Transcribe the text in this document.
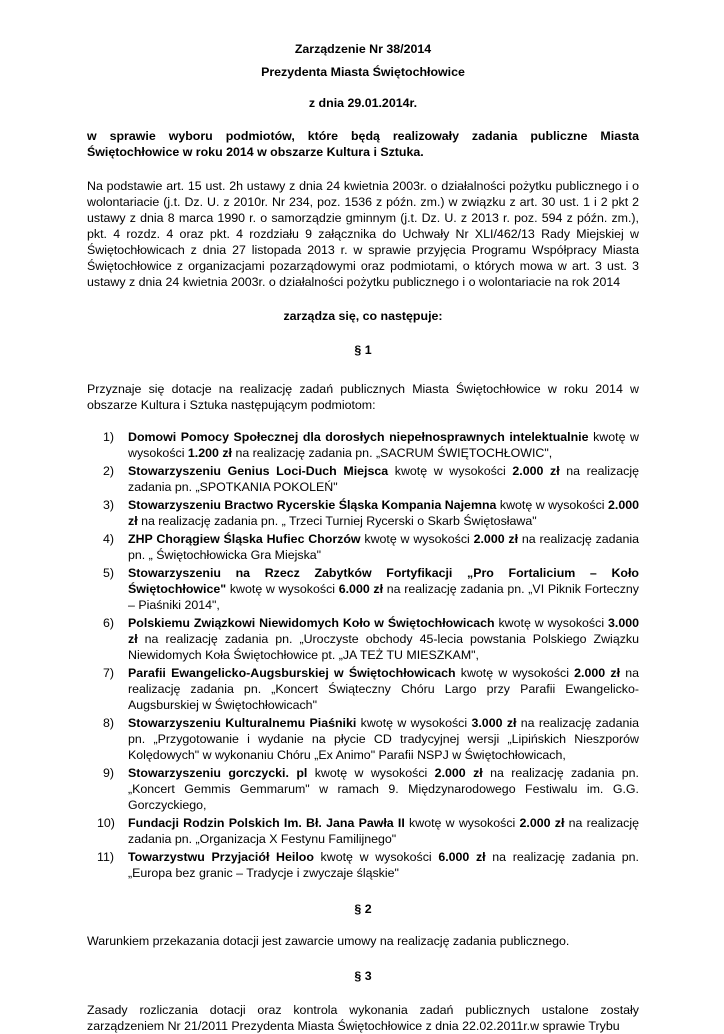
Zarządzenie Nr 38/2014
Prezydenta Miasta Świętochłowice
z dnia 29.01.2014r.
w sprawie wyboru podmiotów, które będą realizowały zadania publiczne Miasta Świętochłowice w roku 2014 w obszarze Kultura i Sztuka.
Na podstawie art. 15 ust. 2h ustawy z dnia 24 kwietnia 2003r. o działalności pożytku publicznego i o wolontariacie (j.t. Dz. U. z 2010r. Nr 234, poz. 1536 z późn. zm.) w związku z art. 30 ust. 1 i 2 pkt 2 ustawy z dnia 8 marca 1990 r. o samorządzie gminnym (j.t. Dz. U. z 2013 r. poz. 594 z późn. zm.), pkt. 4 rozdz. 4 oraz pkt. 4 rozdziału 9 załącznika do Uchwały Nr XLI/462/13 Rady Miejskiej w Świętochłowicach z dnia 27 listopada 2013 r. w sprawie przyjęcia Programu Współpracy Miasta Świętochłowice z organizacjami pozarządowymi oraz podmiotami, o których mowa w art. 3 ust. 3 ustawy z dnia 24 kwietnia 2003r. o działalności pożytku publicznego i o wolontariacie na rok 2014
zarządza się, co następuje:
§ 1
Przyznaje się dotacje na realizację zadań publicznych Miasta Świętochłowice w roku 2014 w obszarze Kultura i Sztuka następującym podmiotom:
1)	Domowi Pomocy Społecznej dla dorosłych niepełnosprawnych intelektualnie kwotę w wysokości 1.200 zł na realizację zadania pn. „SACRUM ŚWIĘTOCHŁOWIC",
2)	Stowarzyszeniu Genius Loci-Duch Miejsca kwotę w wysokości 2.000 zł na realizację zadania pn. „SPOTKANIA POKOLEŃ"
3)	Stowarzyszeniu Bractwo Rycerskie Śląska Kompania Najemna kwotę w wysokości 2.000 zł na realizację zadania pn. „ Trzeci Turniej Rycerski o Skarb Świętosława"
4)	ZHP Chorągiew Śląska Hufiec Chorzów kwotę w wysokości 2.000 zł na realizację zadania pn. „ Świętochłowicka Gra Miejska"
5)	Stowarzyszeniu na Rzecz Zabytków Fortyfikacji „Pro Fortalicium – Koło Świętochłowice" kwotę w wysokości 6.000 zł na realizację zadania pn. „VI Piknik Forteczny – Piaśniki 2014",
6)	Polskiemu Związkowi Niewidomych Koło w Świętochłowicach kwotę w wysokości 3.000 zł na realizację zadania pn. „Uroczyste obchody 45-lecia powstania Polskiego Związku Niewidomych Koła Świętochłowice pt. „JA TEŻ TU MIESZKAM",
7)	Parafii Ewangelicko-Augsburskiej w Świętochłowicach kwotę w wysokości 2.000 zł na realizację zadania pn. „Koncert Świąteczny Chóru Largo przy Parafii Ewangelicko-Augsburskiej w Świętochłowicach"
8)	Stowarzyszeniu Kulturalnemu Piaśniki kwotę w wysokości 3.000 zł na realizację zadania pn. „Przygotowanie i wydanie na płycie CD tradycyjnej wersji „Lipińskich Nieszporów Kolędowych" w wykonaniu Chóru „Ex Animo" Parafii NSPJ w Świętochłowicach,
9)	Stowarzyszeniu gorczycki. pl kwotę w wysokości 2.000 zł na realizację zadania pn. „Koncert Gemmis Gemmarum" w ramach 9. Międzynarodowego Festiwalu im. G.G. Gorczyckiego,
10)	Fundacji Rodzin Polskich Im. Bł. Jana Pawła II kwotę w wysokości 2.000 zł na realizację zadania pn. „Organizacja X Festynu Familijnego"
11)	Towarzystwu Przyjaciół Heiloo kwotę w wysokości 6.000 zł na realizację zadania pn. „Europa bez granic – Tradycje i zwyczaje śląskie"
§ 2
Warunkiem przekazania dotacji jest zawarcie umowy na realizację zadania publicznego.
§ 3
Zasady rozliczania dotacji oraz kontrola wykonania zadań publicznych ustalone zostały zarządzeniem Nr 21/2011 Prezydenta Miasta Świętochłowice z dnia 22.02.2011r.w sprawie Trybu
